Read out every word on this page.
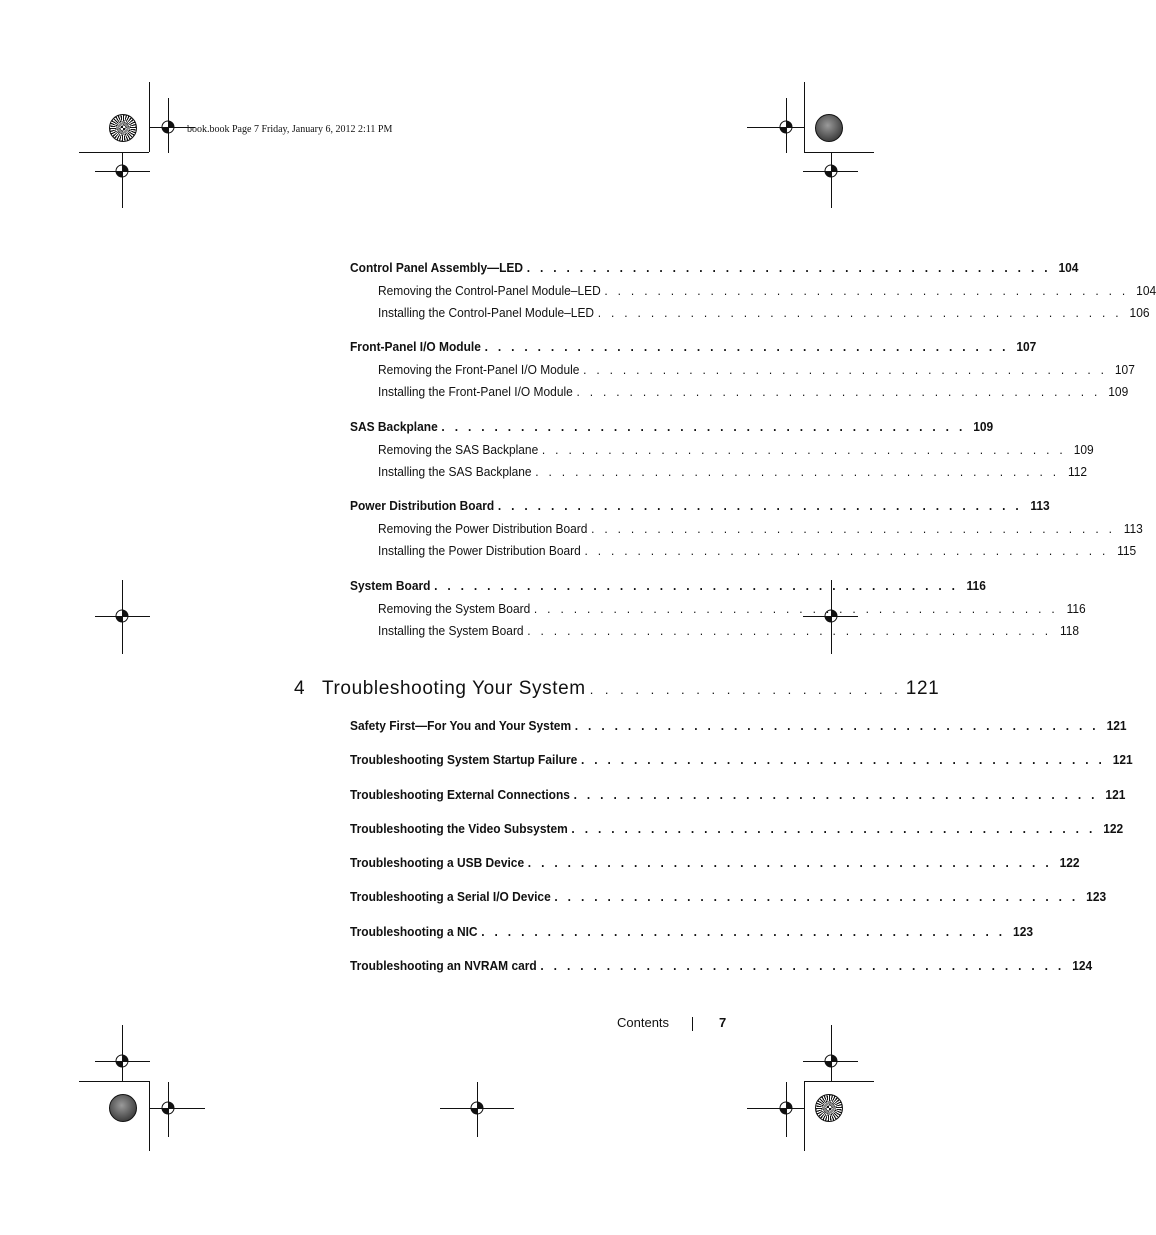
book.book Page 7 Friday, January 6, 2012 2:11 PM
Control Panel Assembly—LED . . . . . . . . . . . . . . . . . . . . . . . . . . . . . . . . . . . . . . . . 104
Removing the Control-Panel Module–LED . . . . . . . . . . . . . . . . . . . . . . . . . . . . . . . . . . . . . . . . 104
Installing the Control-Panel Module–LED . . . . . . . . . . . . . . . . . . . . . . . . . . . . . . . . . . . . . . . . 106
Front-Panel I/O Module . . . . . . . . . . . . . . . . . . . . . . . . . . . . . . . . . . . . . . . . 107
Removing the Front-Panel I/O Module . . . . . . . . . . . . . . . . . . . . . . . . . . . . . . . . . . . . . . . . 107
Installing the Front-Panel I/O Module . . . . . . . . . . . . . . . . . . . . . . . . . . . . . . . . . . . . . . . . 109
SAS Backplane . . . . . . . . . . . . . . . . . . . . . . . . . . . . . . . . . . . . . . . . 109
Removing the SAS Backplane . . . . . . . . . . . . . . . . . . . . . . . . . . . . . . . . . . . . . . . . 109
Installing the SAS Backplane . . . . . . . . . . . . . . . . . . . . . . . . . . . . . . . . . . . . . . . . 112
Power Distribution Board . . . . . . . . . . . . . . . . . . . . . . . . . . . . . . . . . . . . . . . . 113
Removing the Power Distribution Board . . . . . . . . . . . . . . . . . . . . . . . . . . . . . . . . . . . . . . . . 113
Installing the Power Distribution Board . . . . . . . . . . . . . . . . . . . . . . . . . . . . . . . . . . . . . . . . 115
System Board . . . . . . . . . . . . . . . . . . . . . . . . . . . . . . . . . . . . . . . . 116
Removing the System Board . . . . . . . . . . . . . . . . . . . . . . . . . . . . . . . . . . . . . . . . 116
Installing the System Board . . . . . . . . . . . . . . . . . . . . . . . . . . . . . . . . . . . . . . . . 118
4 Troubleshooting Your System . . . . . . . . . . . . . . . . . . . . . 121
Safety First—For You and Your System . . . . . . . . . . . . . . . . . . . . . . . . . . . . . . . . . . . . . . . . 121
Troubleshooting System Startup Failure . . . . . . . . . . . . . . . . . . . . . . . . . . . . . . . . . . . . . . . . 121
Troubleshooting External Connections . . . . . . . . . . . . . . . . . . . . . . . . . . . . . . . . . . . . . . . . 121
Troubleshooting the Video Subsystem . . . . . . . . . . . . . . . . . . . . . . . . . . . . . . . . . . . . . . . . 122
Troubleshooting a USB Device . . . . . . . . . . . . . . . . . . . . . . . . . . . . . . . . . . . . . . . . 122
Troubleshooting a Serial I/O Device . . . . . . . . . . . . . . . . . . . . . . . . . . . . . . . . . . . . . . . . 123
Troubleshooting a NIC . . . . . . . . . . . . . . . . . . . . . . . . . . . . . . . . . . . . . . . . 123
Troubleshooting an NVRAM card . . . . . . . . . . . . . . . . . . . . . . . . . . . . . . . . . . . . . . . . 124
Contents	7
